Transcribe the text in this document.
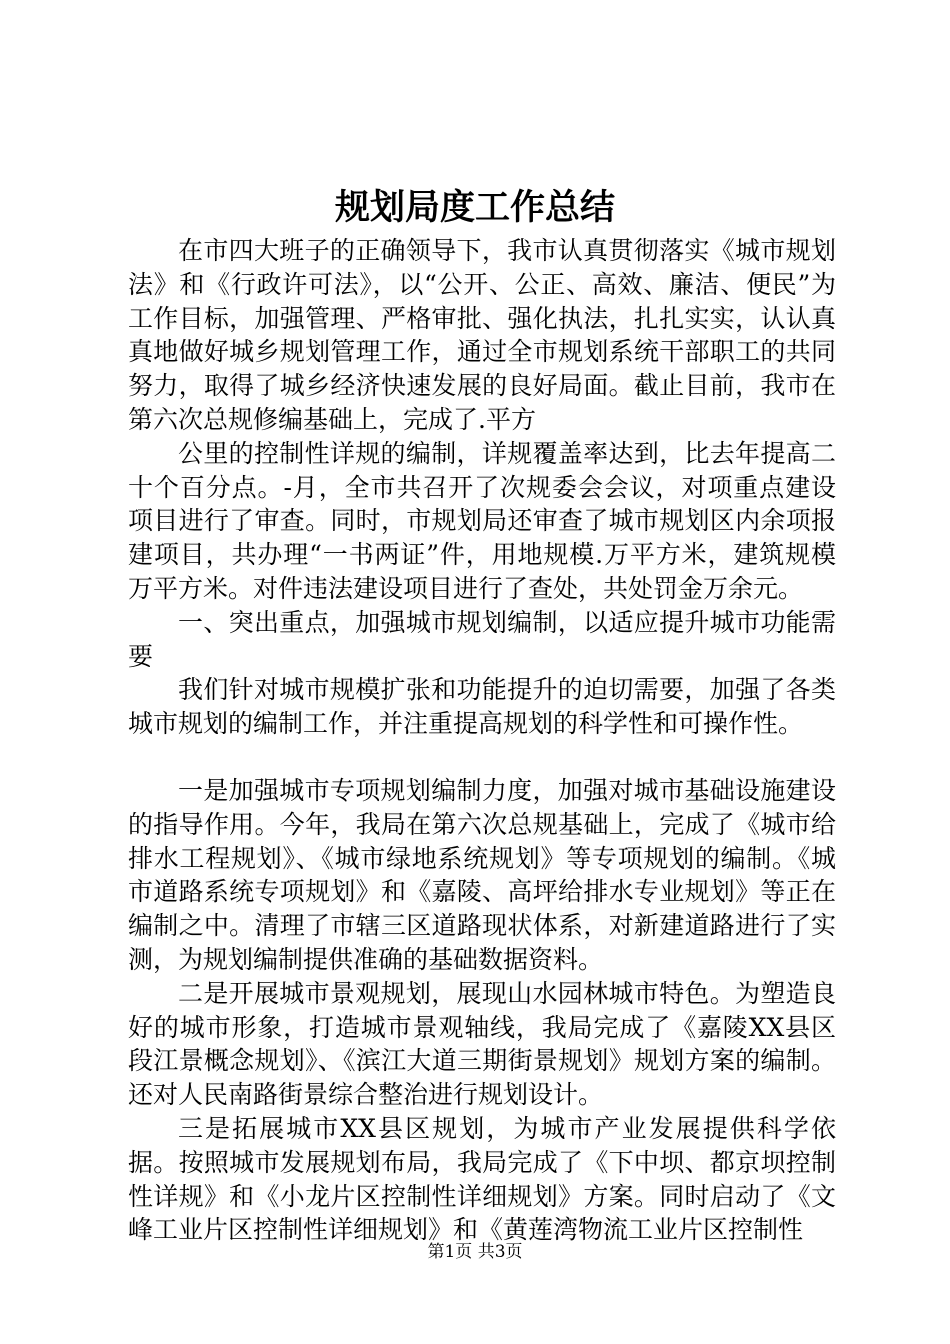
规划局度工作总结

在市四大班子的正确领导下，我市认真贯彻落实《城市规划法》和《行政许可法》，以“公开、公正、高效、廉洁、便民”为工作目标，加强管理、严格审批、强化执法，扎扎实实，认认真真地做好城乡规划管理工作，通过全市规划系统干部职工的共同努力，取得了城乡经济快速发展的良好局面。截止目前，我市在第六次总规修编基础上，完成了.平方

公里的控制性详规的编制，详规覆盖率达到，比去年提高二十个百分点。-月，全市共召开了次规委会会议，对项重点建设项目进行了审查。同时，市规划局还审查了城市规划区内余项报建项目，共办理“一书两证”件，用地规模.万平方米，建筑规模万平方米。对件违法建设项目进行了查处，共处罚金万余元。

一、突出重点，加强城市规划编制，以适应提升城市功能需要

我们针对城市规模扩张和功能提升的迫切需要，加强了各类城市规划的编制工作，并注重提高规划的科学性和可操作性。

一是加强城市专项规划编制力度，加强对城市基础设施建设的指导作用。今年，我局在第六次总规基础上，完成了《城市给排水工程规划》、《城市绿地系统规划》等专项规划的编制。《城市道路系统专项规划》和《嘉陵、高坪给排水专业规划》等正在编制之中。清理了市辖三区道路现状体系，对新建道路进行了实测，为规划编制提供准确的基础数据资料。

二是开展城市景观规划，展现山水园林城市特色。为塑造良好的城市形象，打造城市景观轴线，我局完成了《嘉陵XX县区段江景概念规划》、《滨江大道三期街景规划》规划方案的编制。还对人民南路街景综合整治进行规划设计。

三是拓展城市XX县区规划，为城市产业发展提供科学依据。按照城市发展规划布局，我局完成了《下中坝、都京坝控制性详规》和《小龙片区控制性详细规划》方案。同时启动了《文峰工业片区控制性详细规划》和《黄莲湾物流工业片区控制性

第1页 共3页
